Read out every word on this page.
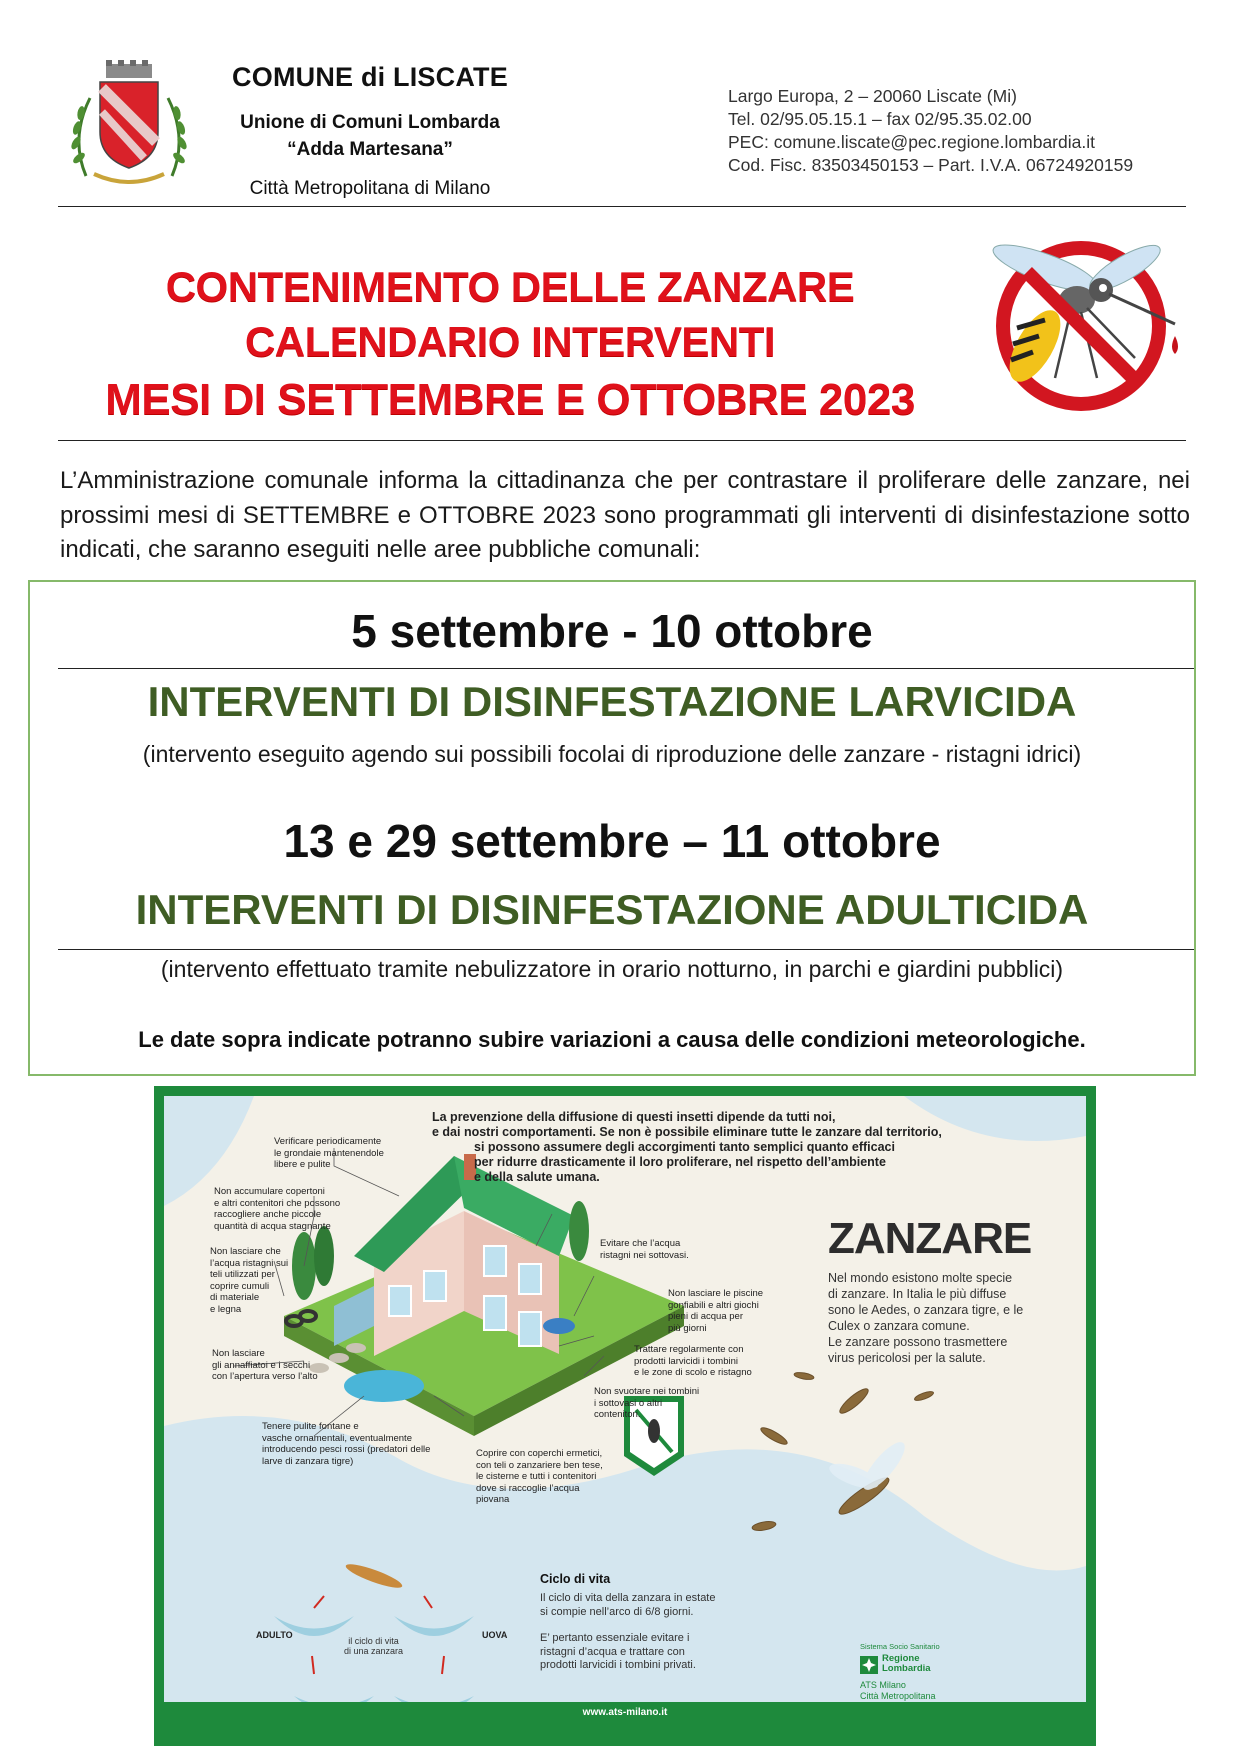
COMUNE di LISCATE
Unione di Comuni Lombarda
“Adda Martesana”
Città Metropolitana di Milano
Largo Europa, 2 – 20060 Liscate (Mi)
Tel. 02/95.05.15.1 – fax 02/95.35.02.00
PEC: comune.liscate@pec.regione.lombardia.it
Cod. Fisc. 83503450153 – Part. I.V.A. 06724920159
CONTENIMENTO DELLE ZANZARE
CALENDARIO INTERVENTI
MESI DI SETTEMBRE E OTTOBRE 2023
L’Amministrazione comunale informa la cittadinanza che per contrastare il proliferare delle zanzare, nei prossimi mesi di SETTEMBRE e OTTOBRE 2023 sono programmati gli interventi di disinfestazione sotto indicati, che saranno eseguiti nelle aree pubbliche comunali:
5 settembre - 10 ottobre
INTERVENTI DI DISINFESTAZIONE LARVICIDA
(intervento eseguito agendo sui possibili focolai di riproduzione delle zanzare - ristagni idrici)
13 e 29 settembre – 11 ottobre
INTERVENTI DI DISINFESTAZIONE ADULTICIDA
(intervento effettuato tramite nebulizzatore in orario notturno, in parchi e giardini pubblici)
Le date sopra indicate potranno subire variazioni a causa delle condizioni meteorologiche.
La prevenzione della diffusione di questi insetti dipende da tutti noi,
e dai nostri comportamenti. Se non è possibile eliminare tutte le zanzare dal territorio,
si possono assumere degli accorgimenti tanto semplici quanto efficaci
per ridurre drasticamente il loro proliferare, nel rispetto dell’ambiente
e della salute umana.
ZANZARE
Nel mondo esistono molte specie
di zanzare. In Italia le più diffuse
sono le Aedes, o zanzara tigre, e le
Culex o zanzara comune.
Le zanzare possono trasmettere
virus pericolosi per la salute.
Verificare periodicamente
le grondaie mantenendole
libere e pulite
Non accumulare copertoni
e altri contenitori che possono
raccogliere anche piccole
quantità di acqua stagnante
Non lasciare che
l’acqua ristagni sui
teli utilizzati per
coprire cumuli
di materiale
e legna
Non lasciare
gli annaffiatoi e i secchi
con l’apertura verso l’alto
Tenere pulite fontane e
vasche ornamentali, eventualmente
introducendo pesci rossi (predatori delle
larve di zanzara tigre)
Evitare che l’acqua
ristagni nei sottovasi.
Non lasciare le piscine
gonfiabili e altri giochi
pieni di acqua per
più giorni
Trattare regolarmente con
prodotti larvicidi i tombini
e le zone di scolo e ristagno
Non svuotare nei tombini
i sottovasi o altri
contenitori.
Coprire con coperchi ermetici,
con teli o zanzariere ben tese,
le cisterne e tutti i contenitori
dove si raccoglie l’acqua
piovana
Ciclo di vita
Il ciclo di vita della zanzara in estate
si compie nell’arco di 6/8 giorni.
E’ pertanto essenziale evitare i
ristagni d’acqua e trattare con
prodotti larvicidi i tombini privati.
ADULTO	UOVA
il ciclo di vita
di una zanzara	Sistema Socio Sanitario
Regione
Lombardia
ATS Milano
Città Metropolitana
www.ats-milano.it
